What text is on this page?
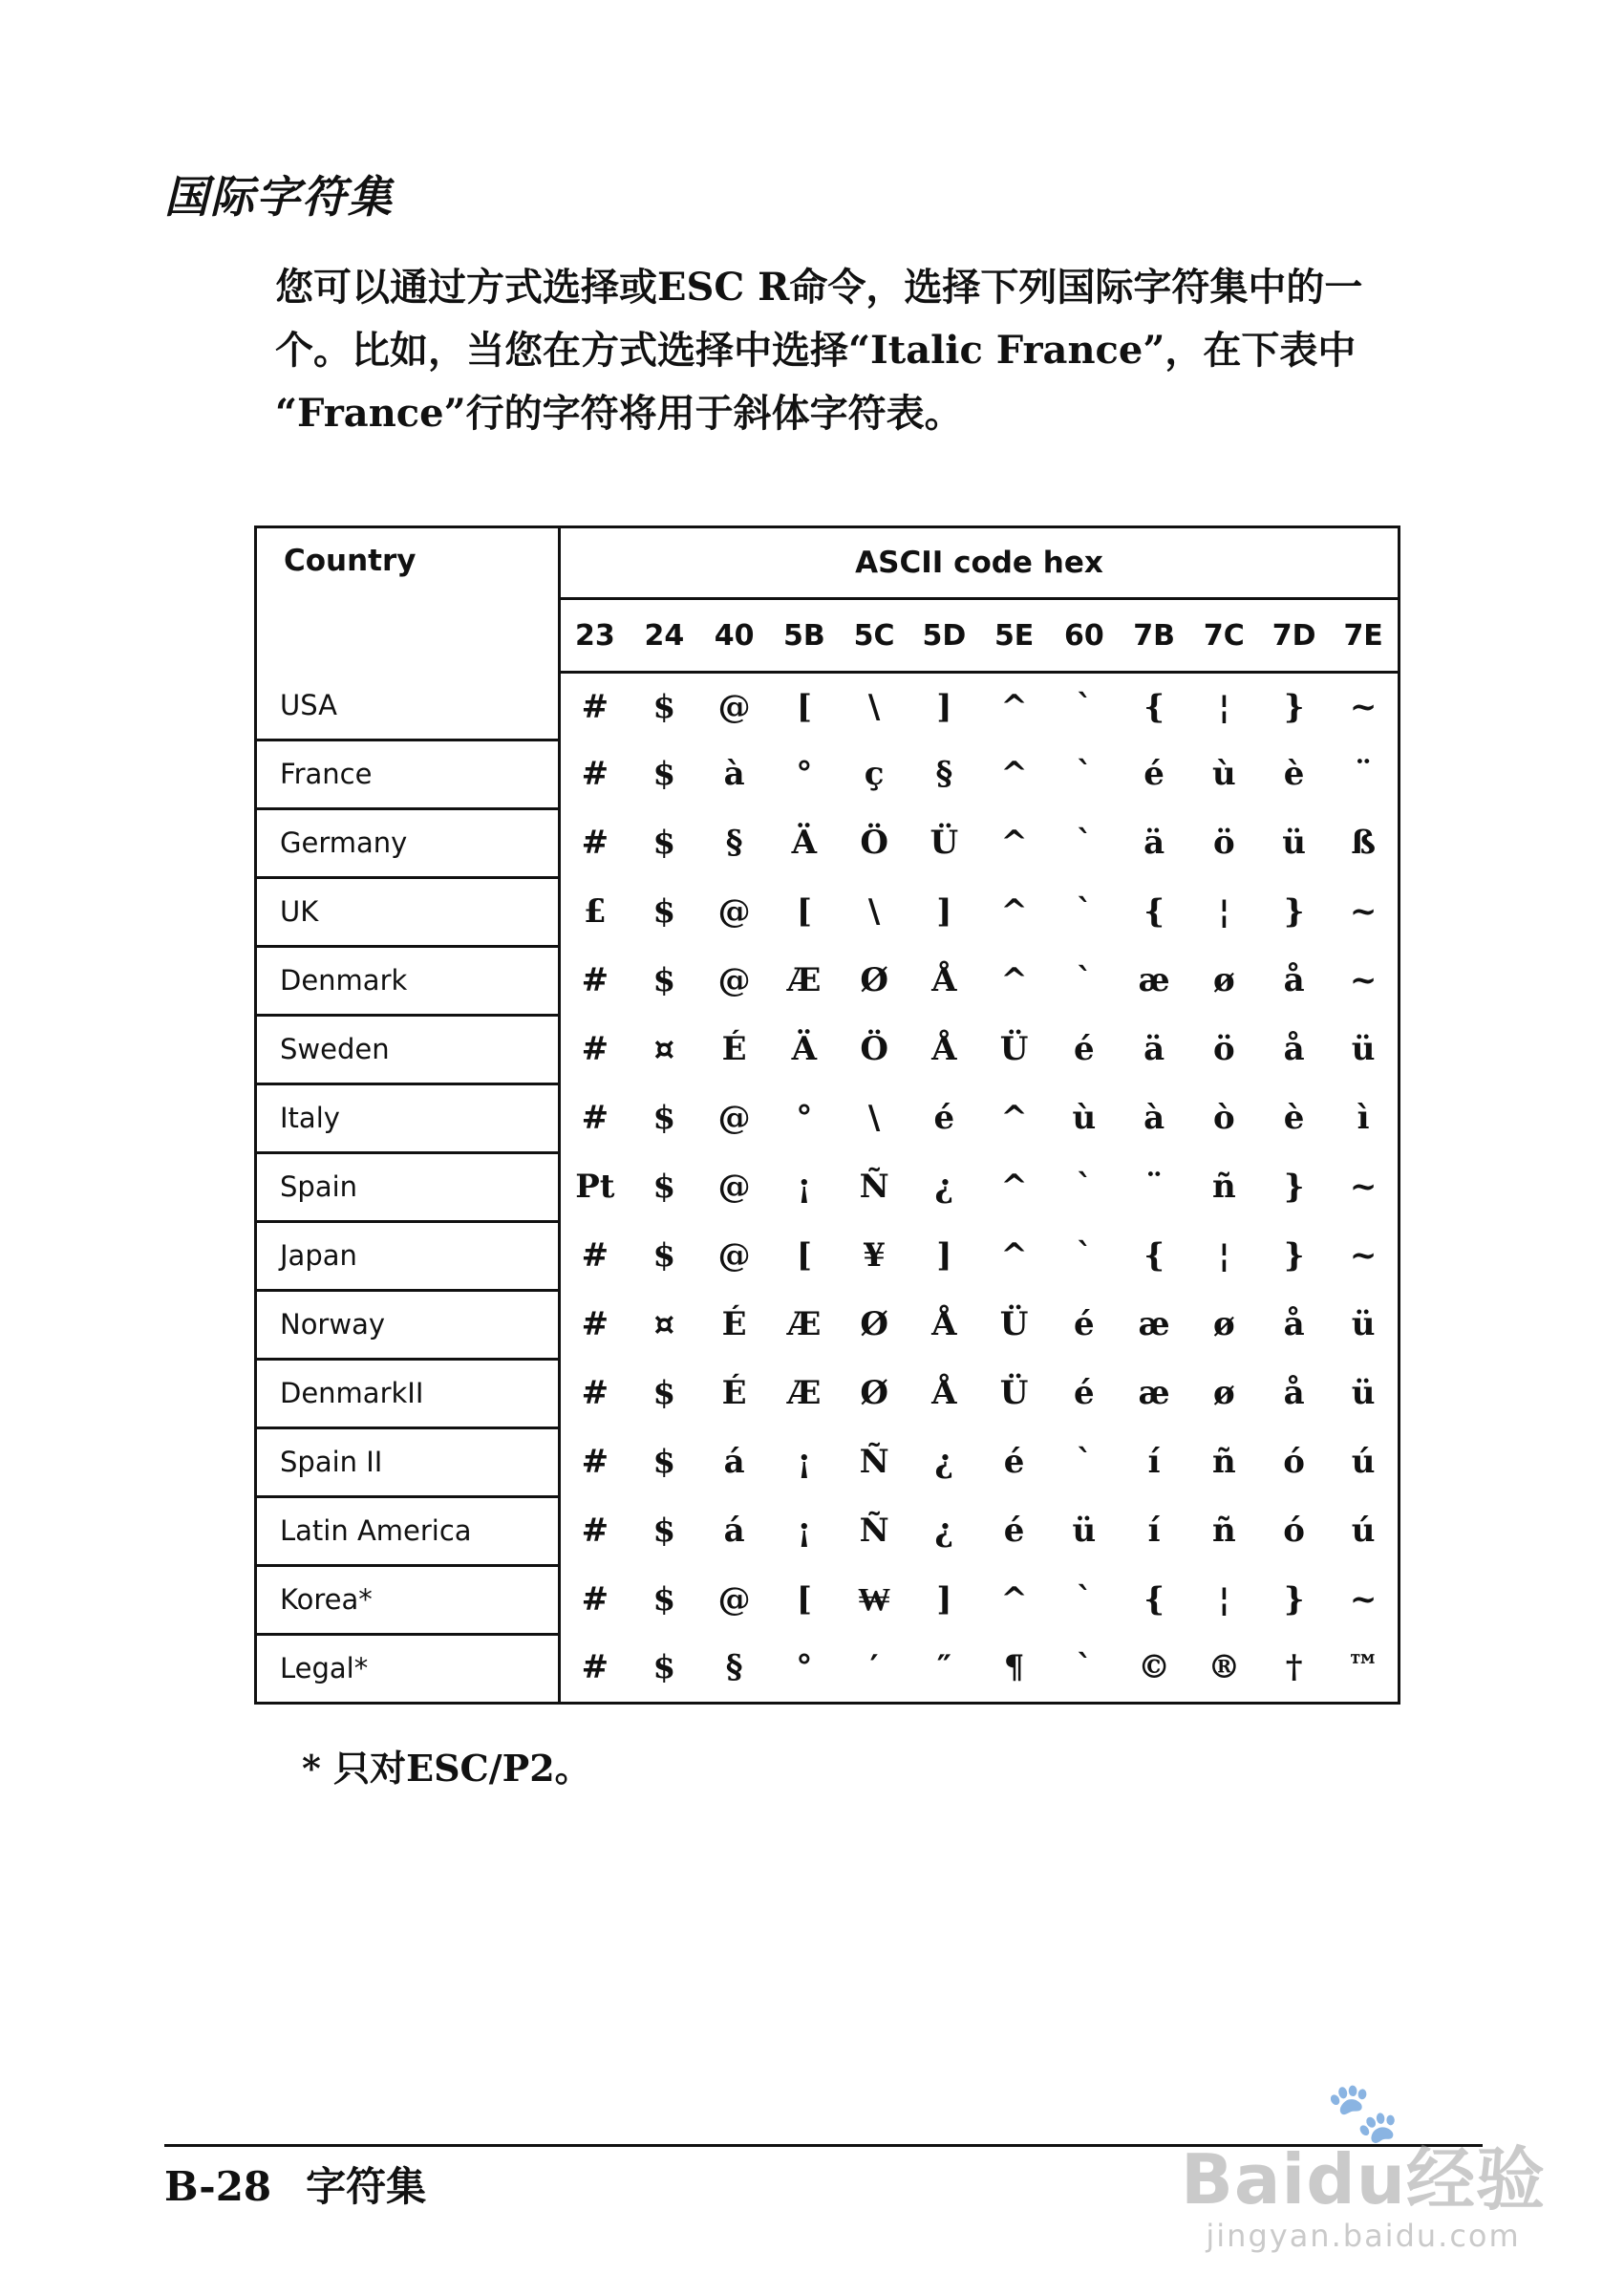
国际字符集

您可以通过方式选择或ESC R命令，选择下列国际字符集中的一

个。比如，当您在方式选择中选择“Italic France”，在下表中

“France”行的字符将用于斜体字符表。

Country	ASCII code hex											
	23	24	40	5B	5C	5D	5E	60	7B	7C	7D	7E
USA	#	$	@	[	\	]	^	`	{	¦	}	~
France	#	$	à	°	ç	§	^	`	é	ù	è	¨
Germany	#	$	§	Ä	Ö	Ü	^	`	ä	ö	ü	ß
UK	£	$	@	[	\	]	^	`	{	¦	}	~
Denmark	#	$	@	Æ	Ø	Å	^	`	æ	ø	å	~
Sweden	#	¤	É	Ä	Ö	Å	Ü	é	ä	ö	å	ü
Italy	#	$	@	°	\	é	^	ù	à	ò	è	ì
Spain	Pt	$	@	¡	Ñ	¿	^	`	¨	ñ	}	~
Japan	#	$	@	[	¥	]	^	`	{	¦	}	~
Norway	#	¤	É	Æ	Ø	Å	Ü	é	æ	ø	å	ü
DenmarkII	#	$	É	Æ	Ø	Å	Ü	é	æ	ø	å	ü
Spain II	#	$	á	¡	Ñ	¿	é	`	í	ñ	ó	ú
Latin America	#	$	á	¡	Ñ	¿	é	ü	í	ñ	ó	ú
Korea*	#	$	@	[	₩	]	^	`	{	¦	}	~
Legal*	#	$	§	°	′	″	¶	`	©	®	†	™

* 只对ESC/P2。

B-28 字符集

🐾
Baidu经验
jingyan.baidu.com
